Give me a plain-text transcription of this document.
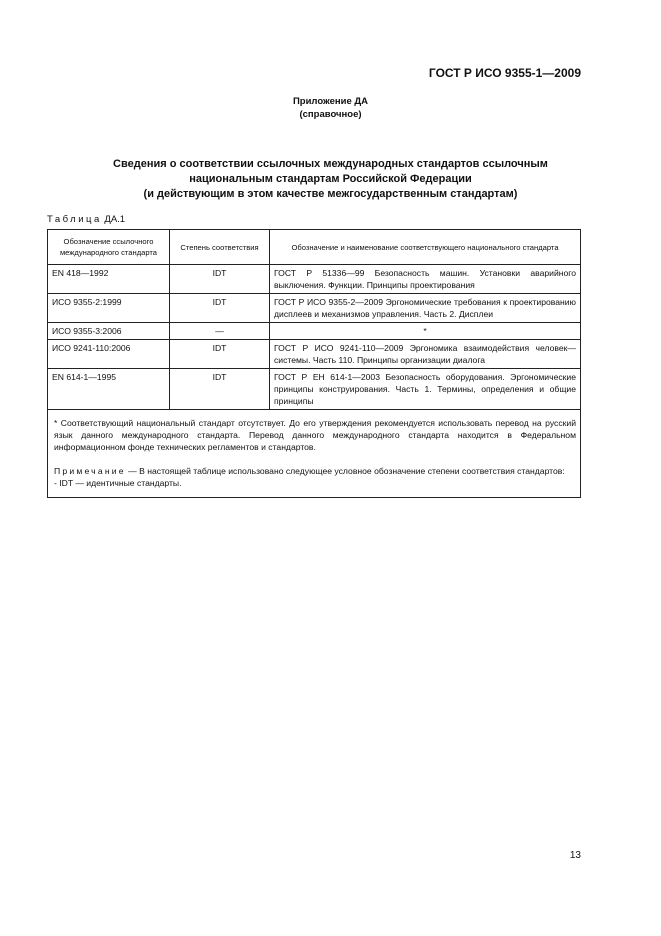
ГОСТ Р ИСО 9355-1—2009
Приложение ДА
(справочное)
Сведения о соответствии ссылочных международных стандартов ссылочным
национальным стандартам Российской Федерации
(и действующим в этом качестве межгосударственным стандартам)
Таблица ДА.1
Обозначение ссылочного международного стандарта	Степень соответствия	Обозначение и наименование соответствующего национального стандарта
EN 418—1992	IDT	ГОСТ Р 51336—99 Безопасность машин. Установки аварийного выключения. Функции. Принципы проектирования
ИСО 9355-2:1999	IDT	ГОСТ Р ИСО 9355-2—2009 Эргономические требования к проектированию дисплеев и механизмов управления. Часть 2. Дисплеи
ИСО 9355-3:2006	—	*
ИСО 9241-110:2006	IDT	ГОСТ Р ИСО 9241-110—2009 Эргономика взаимодействия человек—системы. Часть 110. Принципы организации диалога
EN 614-1—1995	IDT	ГОСТ Р ЕН 614-1—2003 Безопасность оборудования. Эргономические принципы конструирования. Часть 1. Термины, определения и общие принципы

* Соответствующий национальный стандарт отсутствует. До его утверждения рекомендуется использовать перевод на русский язык данного международного стандарта. Перевод данного международного стандарта находится в Федеральном информационном фонде технических регламентов и стандартов.

Примечание — В настоящей таблице использовано следующее условное обозначение степени соответствия стандартов:

- IDT — идентичные стандарты.		

13
